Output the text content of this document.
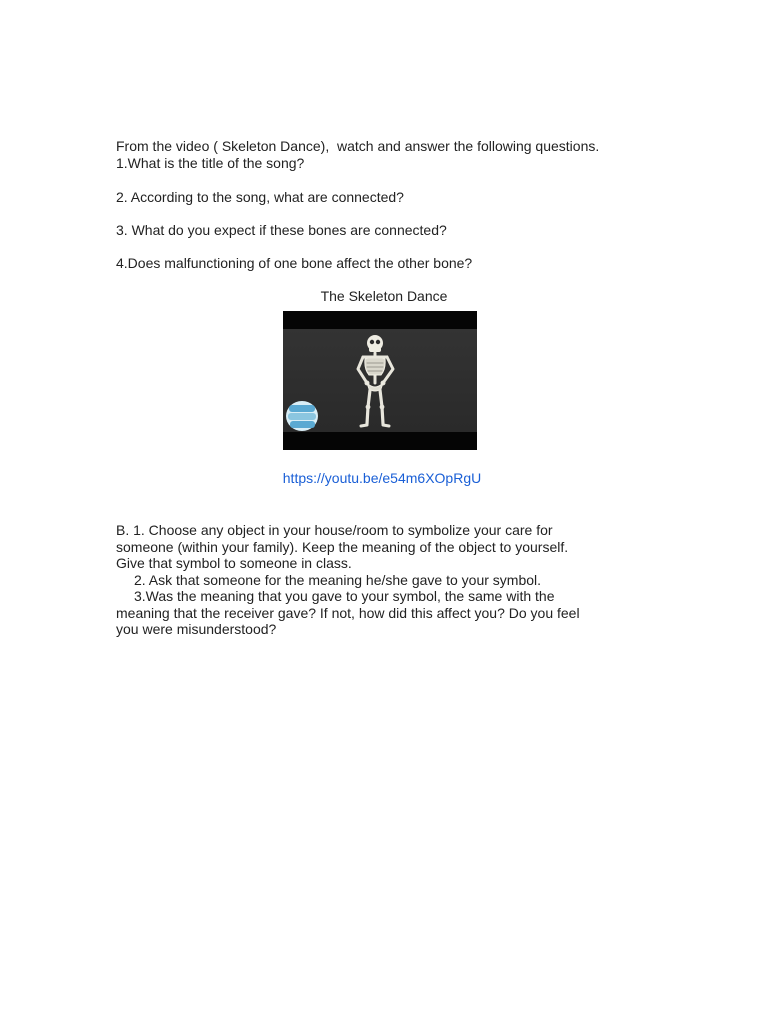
From the video ( Skeleton Dance),  watch and answer the following questions.
1.What is the title of the song?

2. According to the song, what are connected?

3. What do you expect if these bones are connected?

4.Does malfunctioning of one bone affect the other bone?

The Skeleton Dance

https://youtu.be/e54m6XOpRgU
B. 1. Choose any object in your house/room to symbolize your care for
someone (within your family). Keep the meaning of the object to yourself.
Give that symbol to someone in class.
2. Ask that someone for the meaning he/she gave to your symbol.
3.Was the meaning that you gave to your symbol, the same with the
meaning that the receiver gave? If not, how did this affect you? Do you feel
you were misunderstood?
